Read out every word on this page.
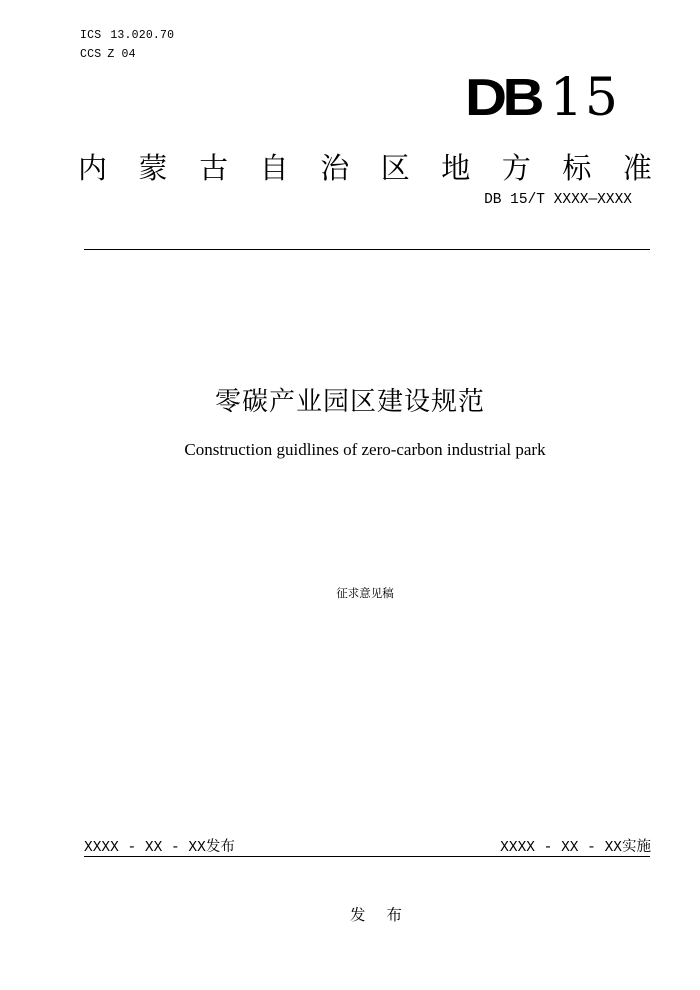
ICS 13.020.70
CCS Z 04
DB 15
内 蒙 古 自 治 区 地 方 标 准
DB 15/T XXXX—XXXX
零碳产业园区建设规范
Construction guidlines of zero-carbon industrial park
征求意见稿
XXXX - XX - XX发布	XXXX - XX - XX实施
发 布
